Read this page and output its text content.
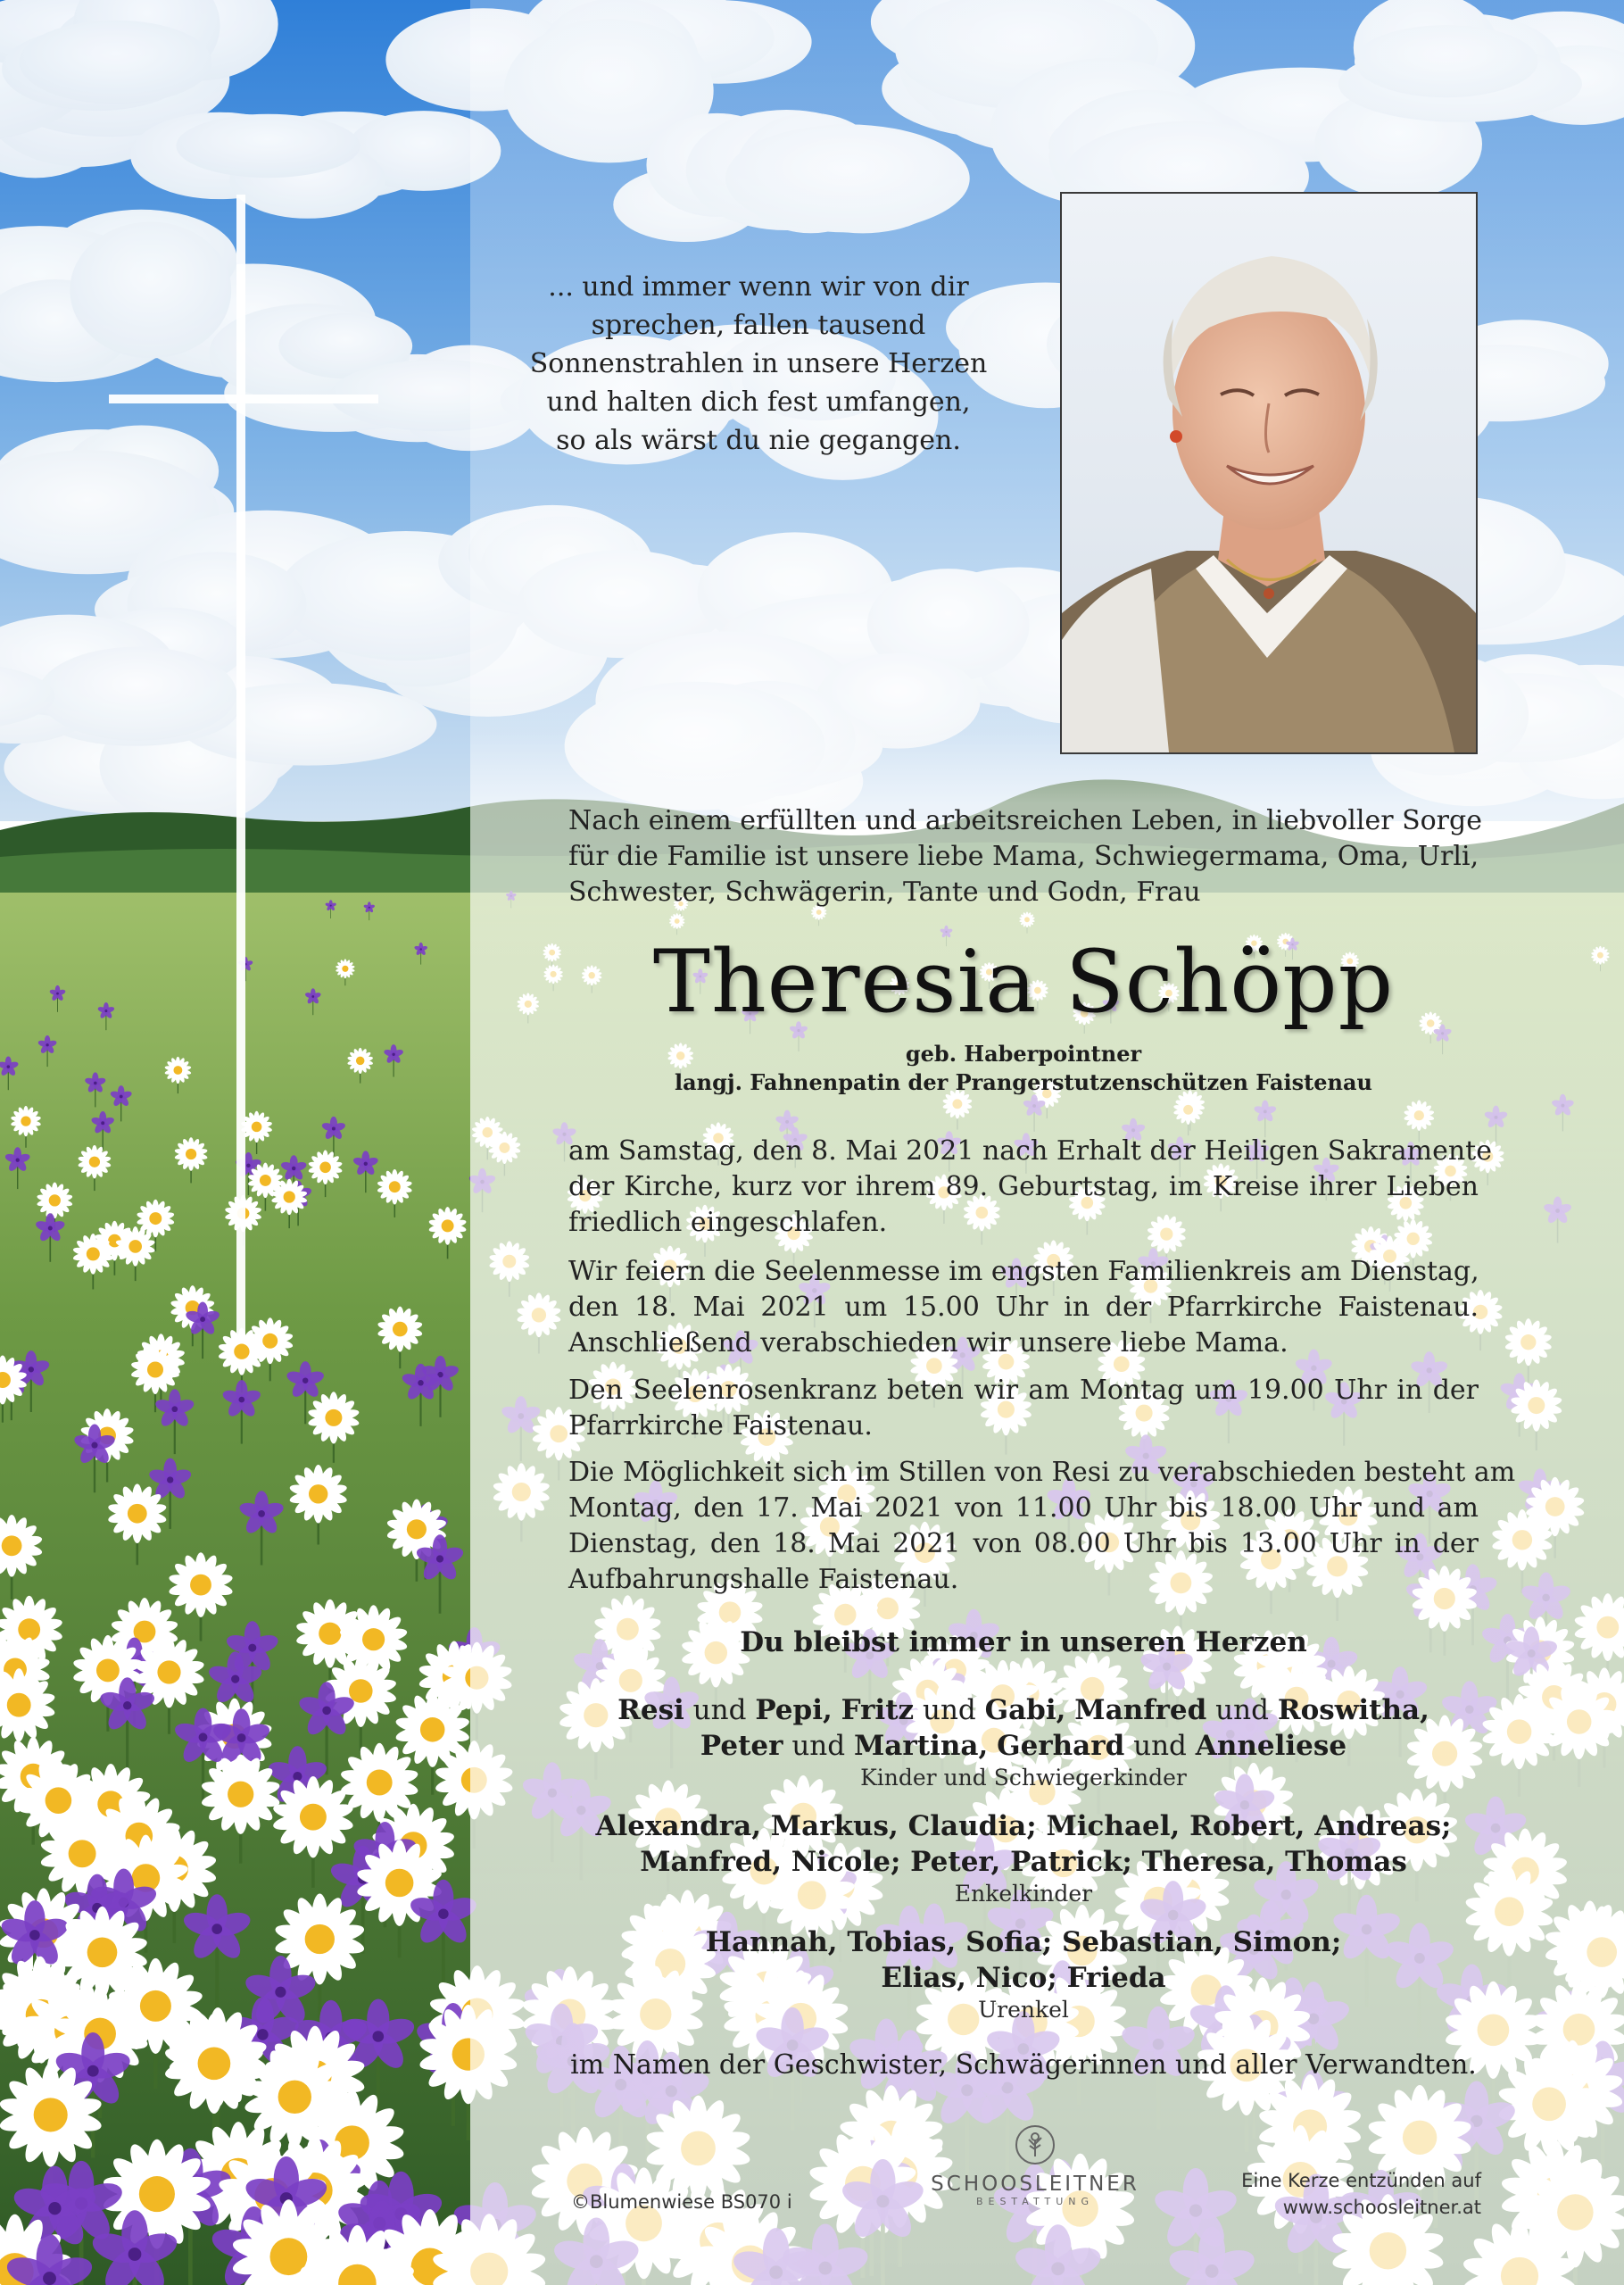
... und immer wenn wir von dir
sprechen, fallen tausend
Sonnenstrahlen in unsere Herzen
und halten dich fest umfangen,
so als wärst du nie gegangen.
Nach einem erfüllten und arbeitsreichen Leben, in liebvoller Sorge
für die Familie ist unsere liebe Mama, Schwiegermama, Oma, Urli,
Schwester, Schwägerin, Tante und Godn, Frau
Theresia Schöpp
geb. Haberpointner
langj. Fahnenpatin der Prangerstutzenschützen Faistenau
am Samstag, den 8. Mai 2021 nach Erhalt der Heiligen Sakramente
der Kirche, kurz vor ihrem 89. Geburtstag, im Kreise ihrer Lieben
friedlich eingeschlafen.
Wir feiern die Seelenmesse im engsten Familienkreis am Dienstag,
den 18. Mai 2021 um 15.00 Uhr in der Pfarrkirche Faistenau.
Anschließend verabschieden wir unsere liebe Mama.
Den Seelenrosenkranz beten wir am Montag um 19.00 Uhr in der
Pfarrkirche Faistenau.
Die Möglichkeit sich im Stillen von Resi zu verabschieden besteht am
Montag, den 17. Mai 2021 von 11.00 Uhr bis 18.00 Uhr und am
Dienstag, den 18. Mai 2021 von 08.00 Uhr bis 13.00 Uhr in der
Aufbahrungshalle Faistenau.
Du bleibst immer in unseren Herzen
Resi und Pepi, Fritz und Gabi, Manfred und Roswitha,
Peter und Martina, Gerhard und Anneliese
Kinder und Schwiegerkinder
Alexandra, Markus, Claudia; Michael, Robert, Andreas;
Manfred, Nicole; Peter, Patrick; Theresa, Thomas
Enkelkinder
Hannah, Tobias, Sofia; Sebastian, Simon;
Elias, Nico; Frieda
Urenkel
im Namen der Geschwister, Schwägerinnen und aller Verwandten.
©Blumenwiese BS070 i
SCHOOSLEITNER
BESTATTUNG
Eine Kerze entzünden auf
www.schoosleitner.at
